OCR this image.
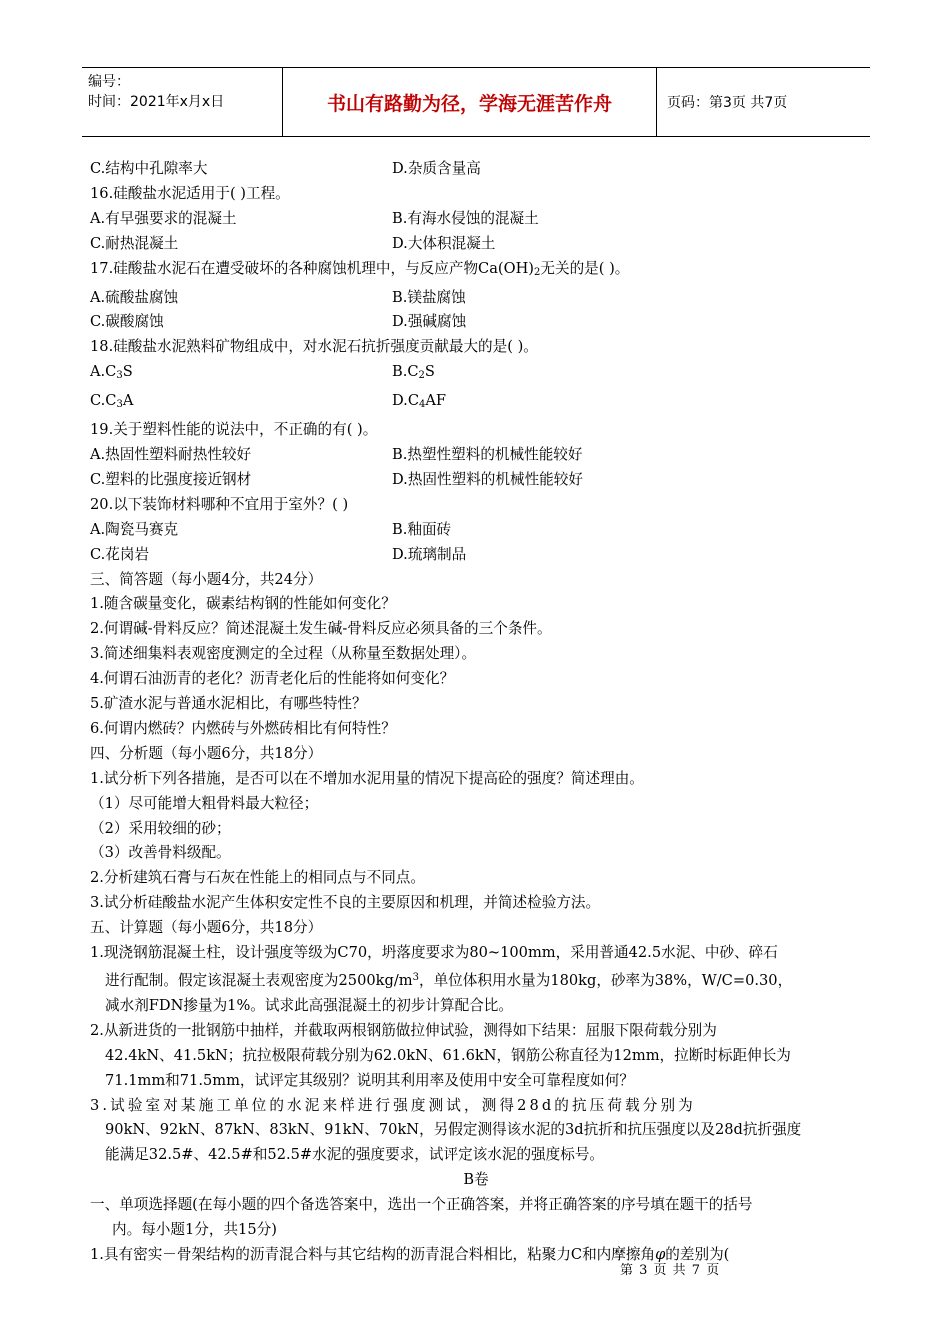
编号：
时间：2021年x月x日	书山有路勤为径，学海无涯苦作舟	页码：第3页 共7页
C.结构中孔隙率大	D.杂质含量高
16.硅酸盐水泥适用于( )工程。
A.有早强要求的混凝土	B.有海水侵蚀的混凝土
C.耐热混凝土	D.大体积混凝土
17.硅酸盐水泥石在遭受破坏的各种腐蚀机理中，与反应产物$Ca(OH)_2$无关的是( )。
A.硫酸盐腐蚀	B.镁盐腐蚀
C.碳酸腐蚀	D.强碱腐蚀
18.硅酸盐水泥熟料矿物组成中，对水泥石抗折强度贡献最大的是( )。
$A.C_3S$	$B.C_2S$
$C.C_3A$	$D.C_4AF$
19.关于塑料性能的说法中，不正确的有( )。
A.热固性塑料耐热性较好	B.热塑性塑料的机械性能较好
C.塑料的比强度接近钢材	D.热固性塑料的机械性能较好
20.以下装饰材料哪种不宜用于室外？( )
A.陶瓷马赛克	B.釉面砖
C.花岗岩	D.琉璃制品
三、简答题（每小题4分，共24分）
1.随含碳量变化，碳素结构钢的性能如何变化？
2.何谓碱-骨料反应？简述混凝土发生碱-骨料反应必须具备的三个条件。
3.简述细集料表观密度测定的全过程（从称量至数据处理）。
4.何谓石油沥青的老化？沥青老化后的性能将如何变化？
5.矿渣水泥与普通水泥相比，有哪些特性？
6.何谓内燃砖？内燃砖与外燃砖相比有何特性？
四、分析题（每小题6分，共18分）
1.试分析下列各措施，是否可以在不增加水泥用量的情况下提高砼的强度？简述理由。
（1）尽可能增大粗骨料最大粒径；
（2）采用较细的砂；
（3）改善骨料级配。
2.分析建筑石膏与石灰在性能上的相同点与不同点。
3.试分析硅酸盐水泥产生体积安定性不良的主要原因和机理，并简述检验方法。
五、计算题（每小题6分，共18分）
1.现浇钢筋混凝土柱，设计强度等级为C70，坍落度要求为80~100mm，采用普通42.5水泥、中砂、碎石
进行配制。假定该混凝土表观密度为$2500kg/m^3$，单位体积用水量为180kg，砂率为38%，W/C=0.30，
减水剂FDN掺量为1%。试求此高强混凝土的初步计算配合比。
2.从新进货的一批钢筋中抽样，并截取两根钢筋做拉伸试验，测得如下结果：屈服下限荷载分别为
42.4kN、41.5kN；抗拉极限荷载分别为62.0kN、61.6kN，钢筋公称直径为12mm，拉断时标距伸长为
71.1mm和71.5mm，试评定其级别？说明其利用率及使用中安全可靠程度如何？
3.试验室对某施工单位的水泥来样进行强度测试，测得28d的抗压荷载分别为
90kN、92kN、87kN、83kN、91kN、70kN，另假定测得该水泥的3d抗折和抗压强度以及28d抗折强度
能满足32.5#、42.5#和52.5#水泥的强度要求，试评定该水泥的强度标号。
B卷
一、单项选择题(在每小题的四个备选答案中，选出一个正确答案，并将正确答案的序号填在题干的括号
内。每小题1分，共15分)
1.具有密实－骨架结构的沥青混合料与其它结构的沥青混合料相比，粘聚力C和内摩擦角φ的差别为(
第 3 页 共 7 页
